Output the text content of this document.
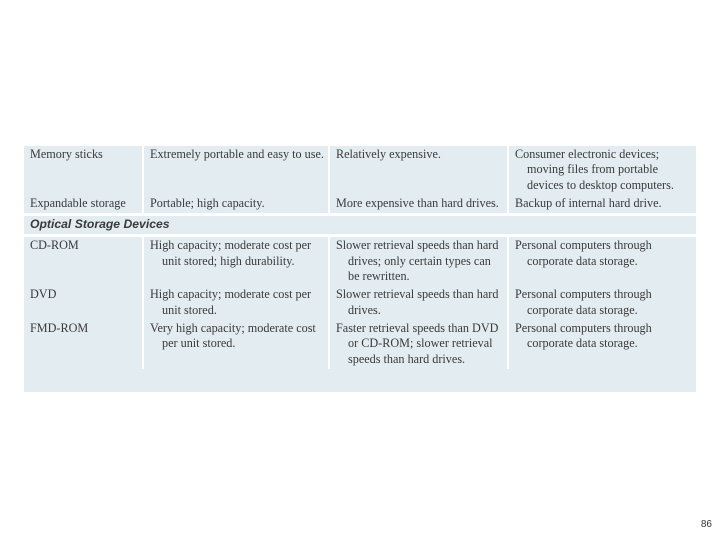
Memory sticks	Extremely portable and easy to use.	Relatively expensive.	Consumer electronic devices; moving files from portable devices to desktop computers.

Expandable storage	Portable; high capacity.	More expensive than hard drives.	Backup of internal hard drive.

Optical Storage Devices			

CD-ROM	High capacity; moderate cost per unit stored; high durability.	Slower retrieval speeds than hard drives; only certain types can be rewritten.	Personal computers through corporate data storage.

DVD	High capacity; moderate cost per unit stored.	Slower retrieval speeds than hard drives.	Personal computers through corporate data storage.

FMD-ROM	Very high capacity; moderate cost per unit stored.	Faster retrieval speeds than DVD or CD-ROM; slower retrieval speeds than hard drives.	Personal computers through corporate data storage.
86
